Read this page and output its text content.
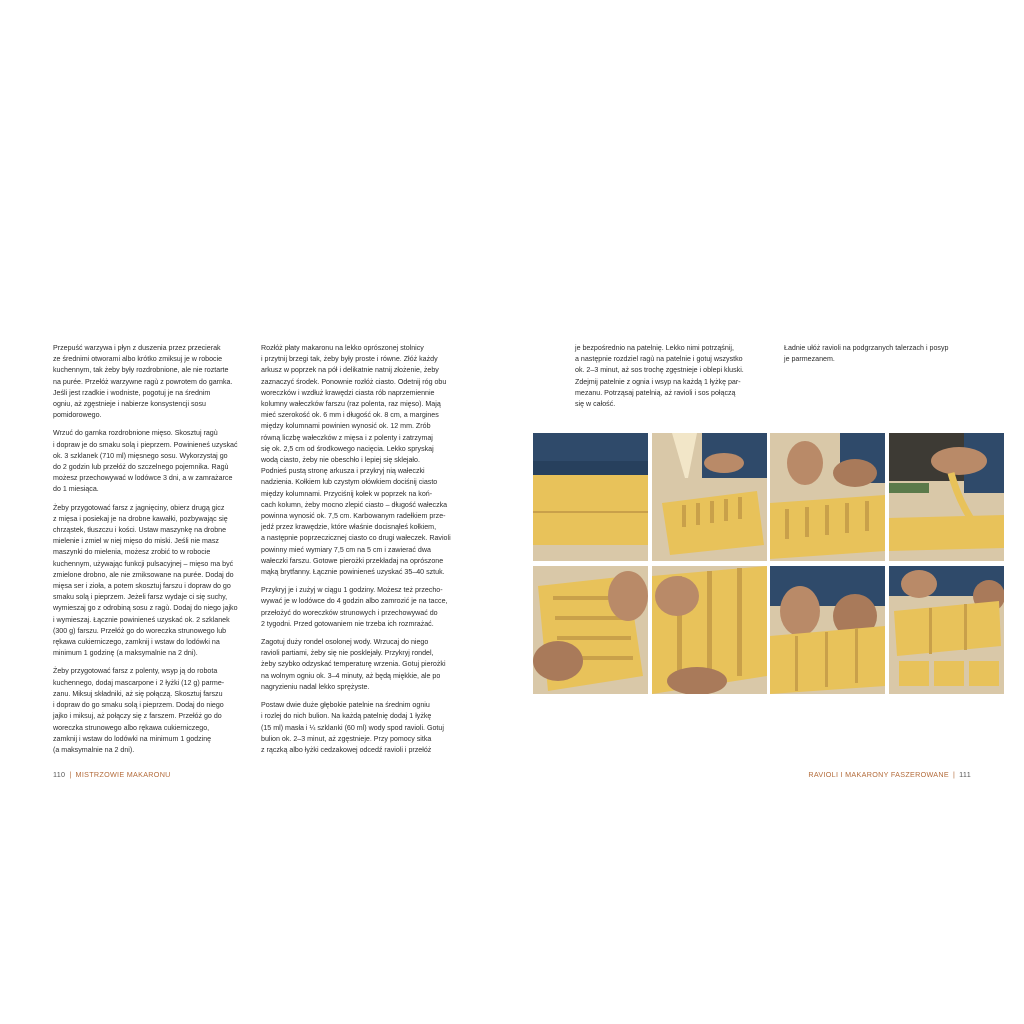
Przepuść warzywa i płyn z duszenia przez przecierak
ze średnimi otworami albo krótko zmiksuj je w robocie
kuchennym, tak żeby były rozdrobnione, ale nie roztarte
na purée. Przełóż warzywne ragù z powrotem do garnka.
Jeśli jest rzadkie i wodniste, pogotuj je na średnim
ogniu, aż zgęstnieje i nabierze konsystencji sosu
pomidorowego.

Wrzuć do garnka rozdrobnione mięso. Skosztuj ragù
i dopraw je do smaku solą i pieprzem. Powinieneś uzyskać
ok. 3 szklanek (710 ml) mięsnego sosu. Wykorzystaj go
do 2 godzin lub przełóż do szczelnego pojemnika. Ragù
możesz przechowywać w lodówce 3 dni, a w zamrażarce
do 1 miesiąca.

Żeby przygotować farsz z jagnięciny, obierz drugą gicz
z mięsa i posiekaj je na drobne kawałki, pozbywając się
chrząstek, tłuszczu i kości. Ustaw maszynkę na drobne
mielenie i zmiel w niej mięso do miski. Jeśli nie masz
maszynki do mielenia, możesz zrobić to w robocie
kuchennym, używając funkcji pulsacyjnej – mięso ma być
zmielone drobno, ale nie zmiksowane na purée. Dodaj do
mięsa ser i zioła, a potem skosztuj farszu i dopraw do go
smaku solą i pieprzem. Jeżeli farsz wydaje ci się suchy,
wymieszaj go z odrobiną sosu z ragù. Dodaj do niego jajko
i wymieszaj. Łącznie powinieneś uzyskać ok. 2 szklanek
(300 g) farszu. Przełóż go do woreczka strunowego lub
rękawa cukierniczego, zamknij i wstaw do lodówki na
minimum 1 godzinę (a maksymalnie na 2 dni).

Żeby przygotować farsz z polenty, wsyp ją do robota
kuchennego, dodaj mascarpone i 2 łyżki (12 g) parme-
zanu. Miksuj składniki, aż się połączą. Skosztuj farszu
i dopraw do go smaku solą i pieprzem. Dodaj do niego
jajko i miksuj, aż połączy się z farszem. Przełóż go do
woreczka strunowego albo rękawa cukierniczego,
zamknij i wstaw do lodówki na minimum 1 godzinę
(a maksymalnie na 2 dni).

Rozłóż płaty makaronu na lekko oprószonej stolnicy
i przytnij brzegi tak, żeby były proste i równe. Złóż każdy
arkusz w poprzek na pół i delikatnie natnij złożenie, żeby
zaznaczyć środek. Ponownie rozłóż ciasto. Odetnij róg obu
woreczków i wzdłuż krawędzi ciasta rób naprzemiennie
kolumny wałeczków farszu (raz polenta, raz mięso). Mają
mieć szerokość ok. 6 mm i długość ok. 8 cm, a margines
między kolumnami powinien wynosić ok. 12 mm. Zrób
równą liczbę wałeczków z mięsa i z polenty i zatrzymaj
się ok. 2,5 cm od środkowego nacięcia. Lekko spryskaj
wodą ciasto, żeby nie obeschło i lepiej się sklejało.
Podnieś pustą stronę arkusza i przykryj nią wałeczki
nadzienia. Kołkiem lub czystym ołówkiem dociśnij ciasto
między kolumnami. Przyciśnij kołek w poprzek na koń-
cach kolumn, żeby mocno zlepić ciasto – długość wałeczka
powinna wynosić ok. 7,5 cm. Karbowanym radełkiem prze-
jedź przez krawędzie, które właśnie docisnąłeś kołkiem,
a następnie poprzeczicznej ciasto co drugi wałeczek. Ravioli
powinny mieć wymiary 7,5 cm na 5 cm i zawierać dwa
wałeczki farszu. Gotowe pierożki przekładaj na oprószone
mąką brytfanny. Łącznie powinieneś uzyskać 35–40 sztuk.

Przykryj je i zużyj w ciągu 1 godziny. Możesz też przecho-
wywać je w lodówce do 4 godzin albo zamrozić je na tacce,
przełożyć do woreczków strunowych i przechowywać do
2 tygodni. Przed gotowaniem nie trzeba ich rozmrażać.

Zagotuj duży rondel osolonej wody. Wrzucaj do niego
ravioli partiami, żeby się nie posklejały. Przykryj rondel,
żeby szybko odzyskać temperaturę wrzenia. Gotuj pierożki
na wolnym ogniu ok. 3–4 minuty, aż będą miękkie, ale po
nagryzieniu nadal lekko sprężyste.

Postaw dwie duże głębokie patelnie na średnim ogniu
i rozlej do nich bulion. Na każdą patelnię dodaj 1 łyżkę
(15 ml) masła i ¼ szklanki (60 ml) wody spod ravioli. Gotuj
bulion ok. 2–3 minut, aż zgęstnieje. Przy pomocy sitka
z rączką albo łyżki cedzakowej odcedź ravioli i przełóż

je bezpośrednio na patelnię. Lekko nimi potrząśnij,
a następnie rozdziel ragù na patelnie i gotuj wszystko
ok. 2–3 minut, aż sos trochę zgęstnieje i oblepi kluski.
Zdejmij patelnie z ognia i wsyp na każdą 1 łyżkę par-
mezanu. Potrząsaj patelnią, aż ravioli i sos połączą
się w całość.

Ładnie ułóż ravioli na podgrzanych talerzach i posyp
je parmezanem.

110 | MISTRZOWIE MAKARONU	RAVIOLI I MAKARONY FASZEROWANE | 111
